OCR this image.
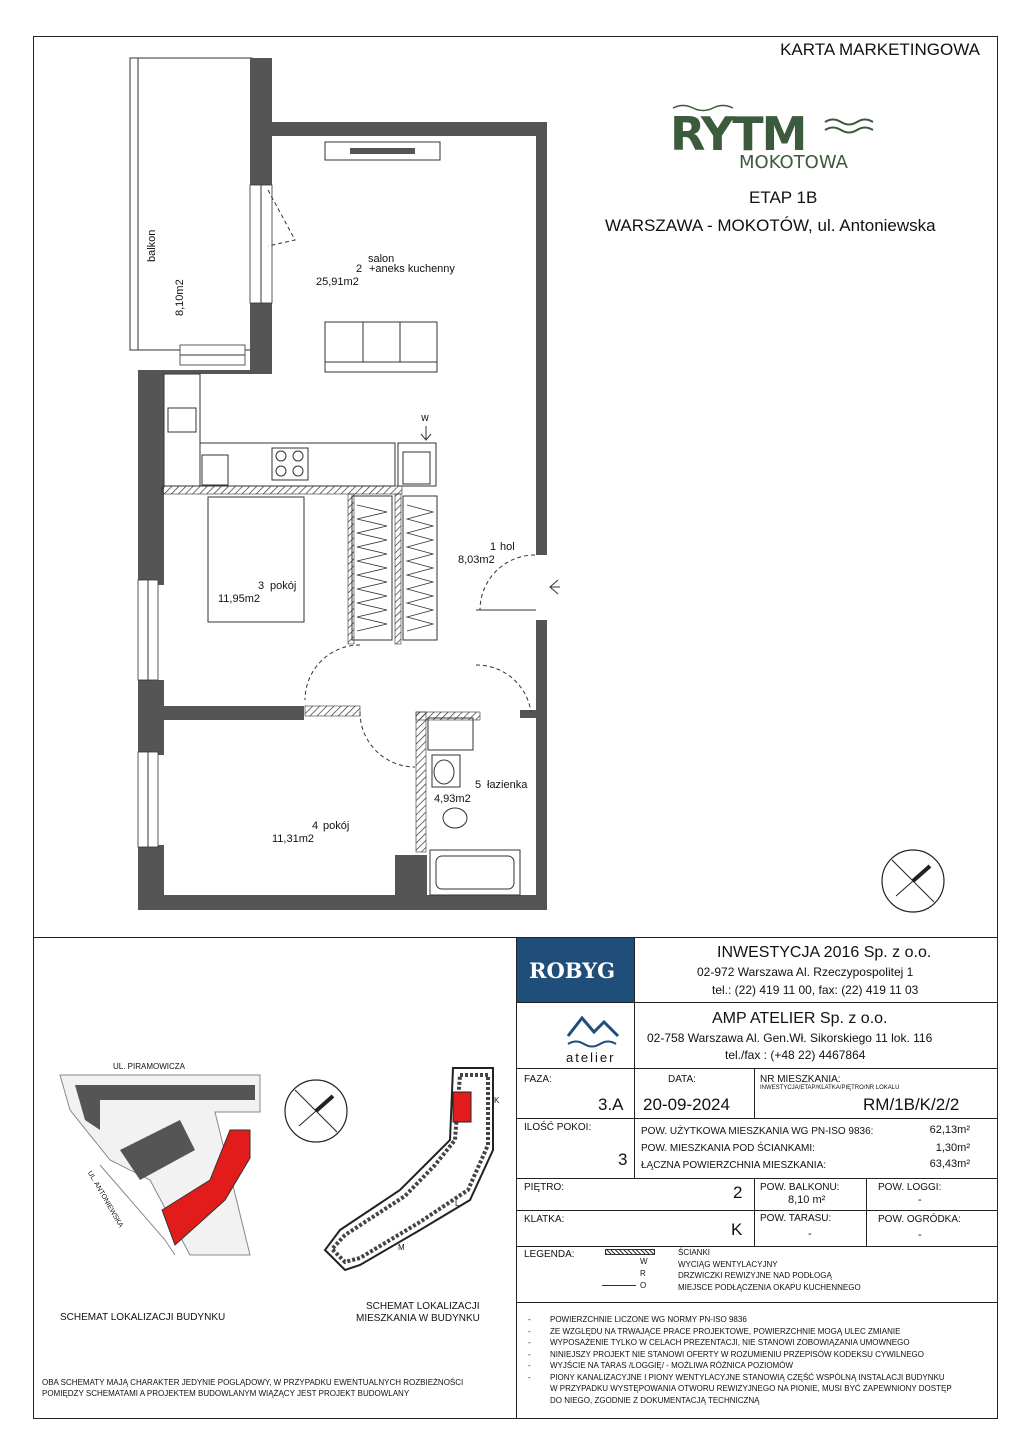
KARTA MARKETINGOWA
RYTM
MOKOTOWA
ETAP 1B
WARSZAWA - MOKOTÓW, ul. Antoniewska
W
salon
2 +aneks kuchenny
25,91m2
1 hol
8,03m2
3 pokój
11,95m2
4 pokój
11,31m2
5 łazienka
4,93m2
balkon
8,10m2
ROBYG
INWESTYCJA 2016 Sp. z o.o.
02-972 Warszawa Al. Rzeczypospolitej 1
tel.: (22) 419 11 00, fax: (22) 419 11 03
atelier
AMP ATELIER Sp. z o.o.
02-758 Warszawa Al. Gen.Wł. Sikorskiego 11 lok. 116
tel./fax : (+48 22) 4467864
FAZA:
3.A
DATA:
20-09-2024
NR MIESZKANIA:
INWESTYCJA/ETAP/KLATKA/PIĘTRO/NR LOKALU
RM/1B/K/2/2
ILOŚĆ POKOI:
3
POW. UŻYTKOWA MIESZKANIA WG PN-ISO 9836:	62,13m²
POW. MIESZKANIA POD ŚCIANKAMI:	1,30m²
ŁĄCZNA POWIERZCHNIA MIESZKANIA:	63,43m²
PIĘTRO:	2 POW. BALKONU:
8,10 m²
POW. LOGGI:
-
KLATKA:
K
POW. TARASU:
-
POW. OGRÓDKA:
-
LEGENDA:
W
R
O
ŚCIANKI
WYCIĄG WENTYLACYJNY
DRZWICZKI REWIZYJNE NAD PODŁOGĄ
MIEJSCE PODŁĄCZENIA OKAPU KUCHENNEGO
- POWIERZCHNIE LICZONE WG NORMY PN-ISO 9836
- ZE WZGLĘDU NA TRWAJĄCE PRACE PROJEKTOWE, POWIERZCHNIE MOGĄ ULEC ZMIANIE
- WYPOSAŻENIE TYLKO W CELACH PREZENTACJI, NIE STANOWI ZOBOWIĄZANIA UMOWNEGO
- NINIEJSZY PROJEKT NIE STANOWI OFERTY W ROZUMIENIU PRZEPISÓW KODEKSU CYWILNEGO
- WYJŚCIE NA TARAS /LOGGIĘ/ - MOŻLIWA RÓŻNICA POZIOMÓW
- PIONY KANALIZACYJNE I PIONY WENTYLACYJNE STANOWIĄ CZĘŚĆ WSPÓLNĄ INSTALACJI BUDYNKU
W PRZYPADKU WYSTĘPOWANIA OTWORU REWIZYJNEGO NA PIONIE, MUSI BYĆ ZAPEWNIONY DOSTĘP
DO NIEGO, ZGODNIE Z DOKUMENTACJĄ TECHNICZNĄ
UL. PIRAMOWICZA
UL. ANTONIEWSKA
SCHEMAT LOKALIZACJI BUDYNKU
K
L
M
SCHEMAT LOKALIZACJI
MIESZKANIA W BUDYNKU
OBA SCHEMATY MAJĄ CHARAKTER JEDYNIE POGLĄDOWY, W PRZYPADKU EWENTUALNYCH ROZBIEŻNOŚCI
POMIĘDZY SCHEMATAMI A PROJEKTEM BUDOWLANYM WIĄŻĄCY JEST PROJEKT BUDOWLANY
